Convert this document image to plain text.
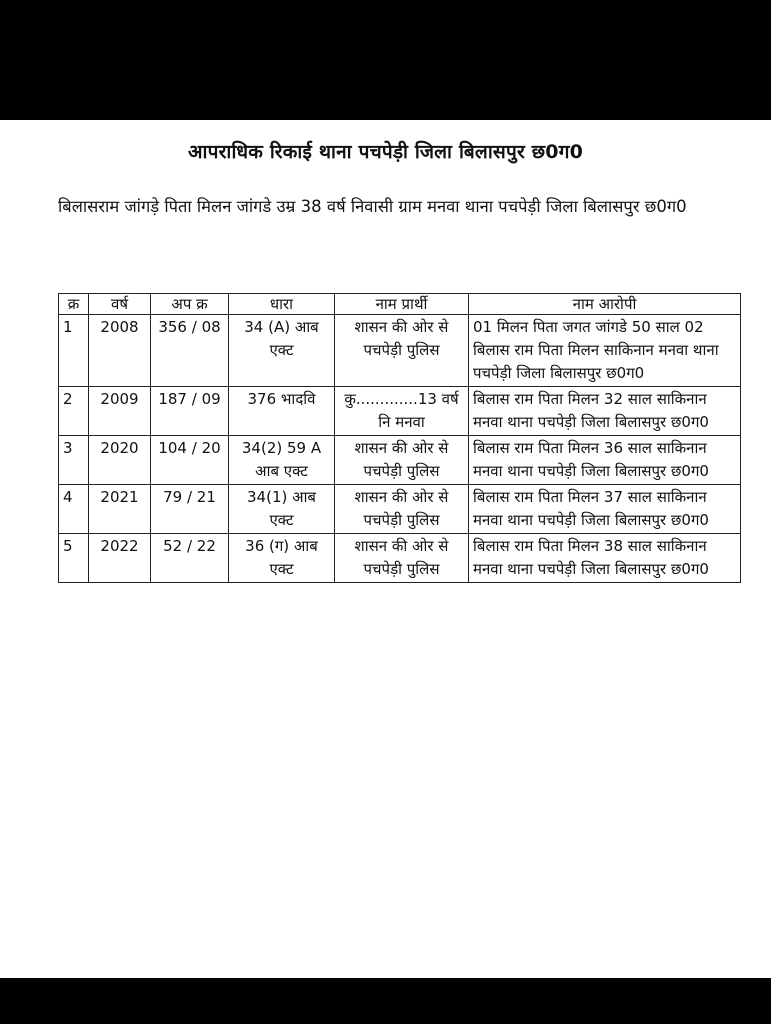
आपराधिक रिकाई थाना पचपेड़ी जिला बिलासपुर छ0ग0
बिलासराम जांगड़े पिता मिलन जांगडे उम्र 38 वर्ष निवासी ग्राम मनवा थाना पचपेड़ी जिला बिलासपुर छ0ग0
क्र	वर्ष	अप क्र	धारा	नाम प्रार्थी	नाम आरोपी
1	2008	356 / 08	34 (A) आब एक्ट	शासन की ओर से पचपेड़ी पुलिस	01 मिलन पिता जगत जांगडे 50 साल 02 बिलास राम पिता मिलन साकिनान मनवा थाना पचपेड़ी जिला बिलासपुर छ0ग0
2	2009	187 / 09	376 भादवि	कु.............13 वर्ष नि मनवा	बिलास राम पिता मिलन 32 साल साकिनान मनवा थाना पचपेड़ी जिला बिलासपुर छ0ग0
3	2020	104 / 20	34(2) 59 A आब एक्ट	शासन की ओर से पचपेड़ी पुलिस	बिलास राम पिता मिलन 36 साल साकिनान मनवा थाना पचपेड़ी जिला बिलासपुर छ0ग0
4	2021	79 / 21	34(1) आब एक्ट	शासन की ओर से पचपेड़ी पुलिस	बिलास राम पिता मिलन 37 साल साकिनान मनवा थाना पचपेड़ी जिला बिलासपुर छ0ग0
5	2022	52 / 22	36 (ग) आब एक्ट	शासन की ओर से पचपेड़ी पुलिस	बिलास राम पिता मिलन 38 साल साकिनान मनवा थाना पचपेड़ी जिला बिलासपुर छ0ग0
